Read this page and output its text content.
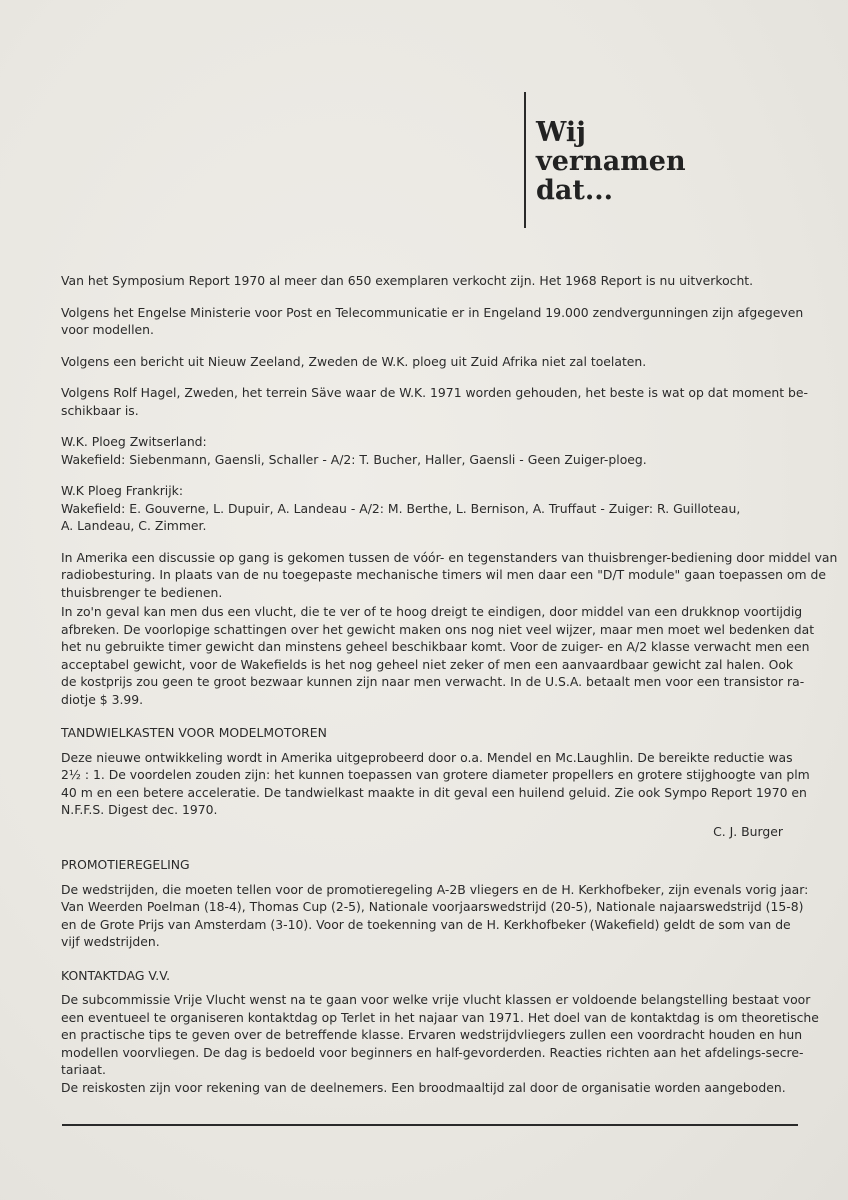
Wij
vernamen
dat...
Van het Symposium Report 1970 al meer dan 650 exemplaren verkocht zijn. Het 1968 Report is nu uitverkocht.
Volgens het Engelse Ministerie voor Post en Telecommunicatie er in Engeland 19.000 zendvergunningen zijn afgegeven
voor modellen.
Volgens een bericht uit Nieuw Zeeland, Zweden de W.K. ploeg uit Zuid Afrika niet zal toelaten.
Volgens Rolf Hagel, Zweden, het terrein Säve waar de W.K. 1971 worden gehouden, het beste is wat op dat moment be-
schikbaar is.
W.K. Ploeg Zwitserland:
Wakefield: Siebenmann, Gaensli, Schaller - A/2: T. Bucher, Haller, Gaensli - Geen Zuiger-ploeg.
W.K Ploeg Frankrijk:
Wakefield: E. Gouverne, L. Dupuir, A. Landeau - A/2: M. Berthe, L. Bernison, A. Truffaut - Zuiger: R. Guilloteau,
A. Landeau, C. Zimmer.
In Amerika een discussie op gang is gekomen tussen de vóór- en tegenstanders van thuisbrenger-bediening door middel van
radiobesturing. In plaats van de nu toegepaste mechanische timers wil men daar een "D/T module" gaan toepassen om de
thuisbrenger te bedienen.
In zo'n geval kan men dus een vlucht, die te ver of te hoog dreigt te eindigen, door middel van een drukknop voortijdig
afbreken. De voorlopige schattingen over het gewicht maken ons nog niet veel wijzer, maar men moet wel bedenken dat
het nu gebruikte timer gewicht dan minstens geheel beschikbaar komt. Voor de zuiger- en A/2 klasse verwacht men een
acceptabel gewicht, voor de Wakefields is het nog geheel niet zeker of men een aanvaardbaar gewicht zal halen. Ook
de kostprijs zou geen te groot bezwaar kunnen zijn naar men verwacht. In de U.S.A. betaalt men voor een transistor ra-
diotje $ 3.99.
TANDWIELKASTEN VOOR MODELMOTOREN
Deze nieuwe ontwikkeling wordt in Amerika uitgeprobeerd door o.a. Mendel en Mc.Laughlin. De bereikte reductie was
2½ : 1. De voordelen zouden zijn: het kunnen toepassen van grotere diameter propellers en grotere stijghoogte van plm
40 m en een betere acceleratie. De tandwielkast maakte in dit geval een huilend geluid. Zie ook Sympo Report 1970 en
N.F.F.S. Digest dec. 1970.
C. J. Burger
PROMOTIEREGELING
De wedstrijden, die moeten tellen voor de promotieregeling A-2B vliegers en de H. Kerkhofbeker, zijn evenals vorig jaar:
Van Weerden Poelman (18-4), Thomas Cup (2-5), Nationale voorjaarswedstrijd (20-5), Nationale najaarswedstrijd (15-8)
en de Grote Prijs van Amsterdam (3-10). Voor de toekenning van de H. Kerkhofbeker (Wakefield) geldt de som van de
vijf wedstrijden.
KONTAKTDAG V.V.
De subcommissie Vrije Vlucht wenst na te gaan voor welke vrije vlucht klassen er voldoende belangstelling bestaat voor
een eventueel te organiseren kontaktdag op Terlet in het najaar van 1971. Het doel van de kontaktdag is om theoretische
en practische tips te geven over de betreffende klasse. Ervaren wedstrijdvliegers zullen een voordracht houden en hun
modellen voorvliegen. De dag is bedoeld voor beginners en half-gevorderden. Reacties richten aan het afdelings-secre-
tariaat.
De reiskosten zijn voor rekening van de deelnemers. Een broodmaaltijd zal door de organisatie worden aangeboden.
